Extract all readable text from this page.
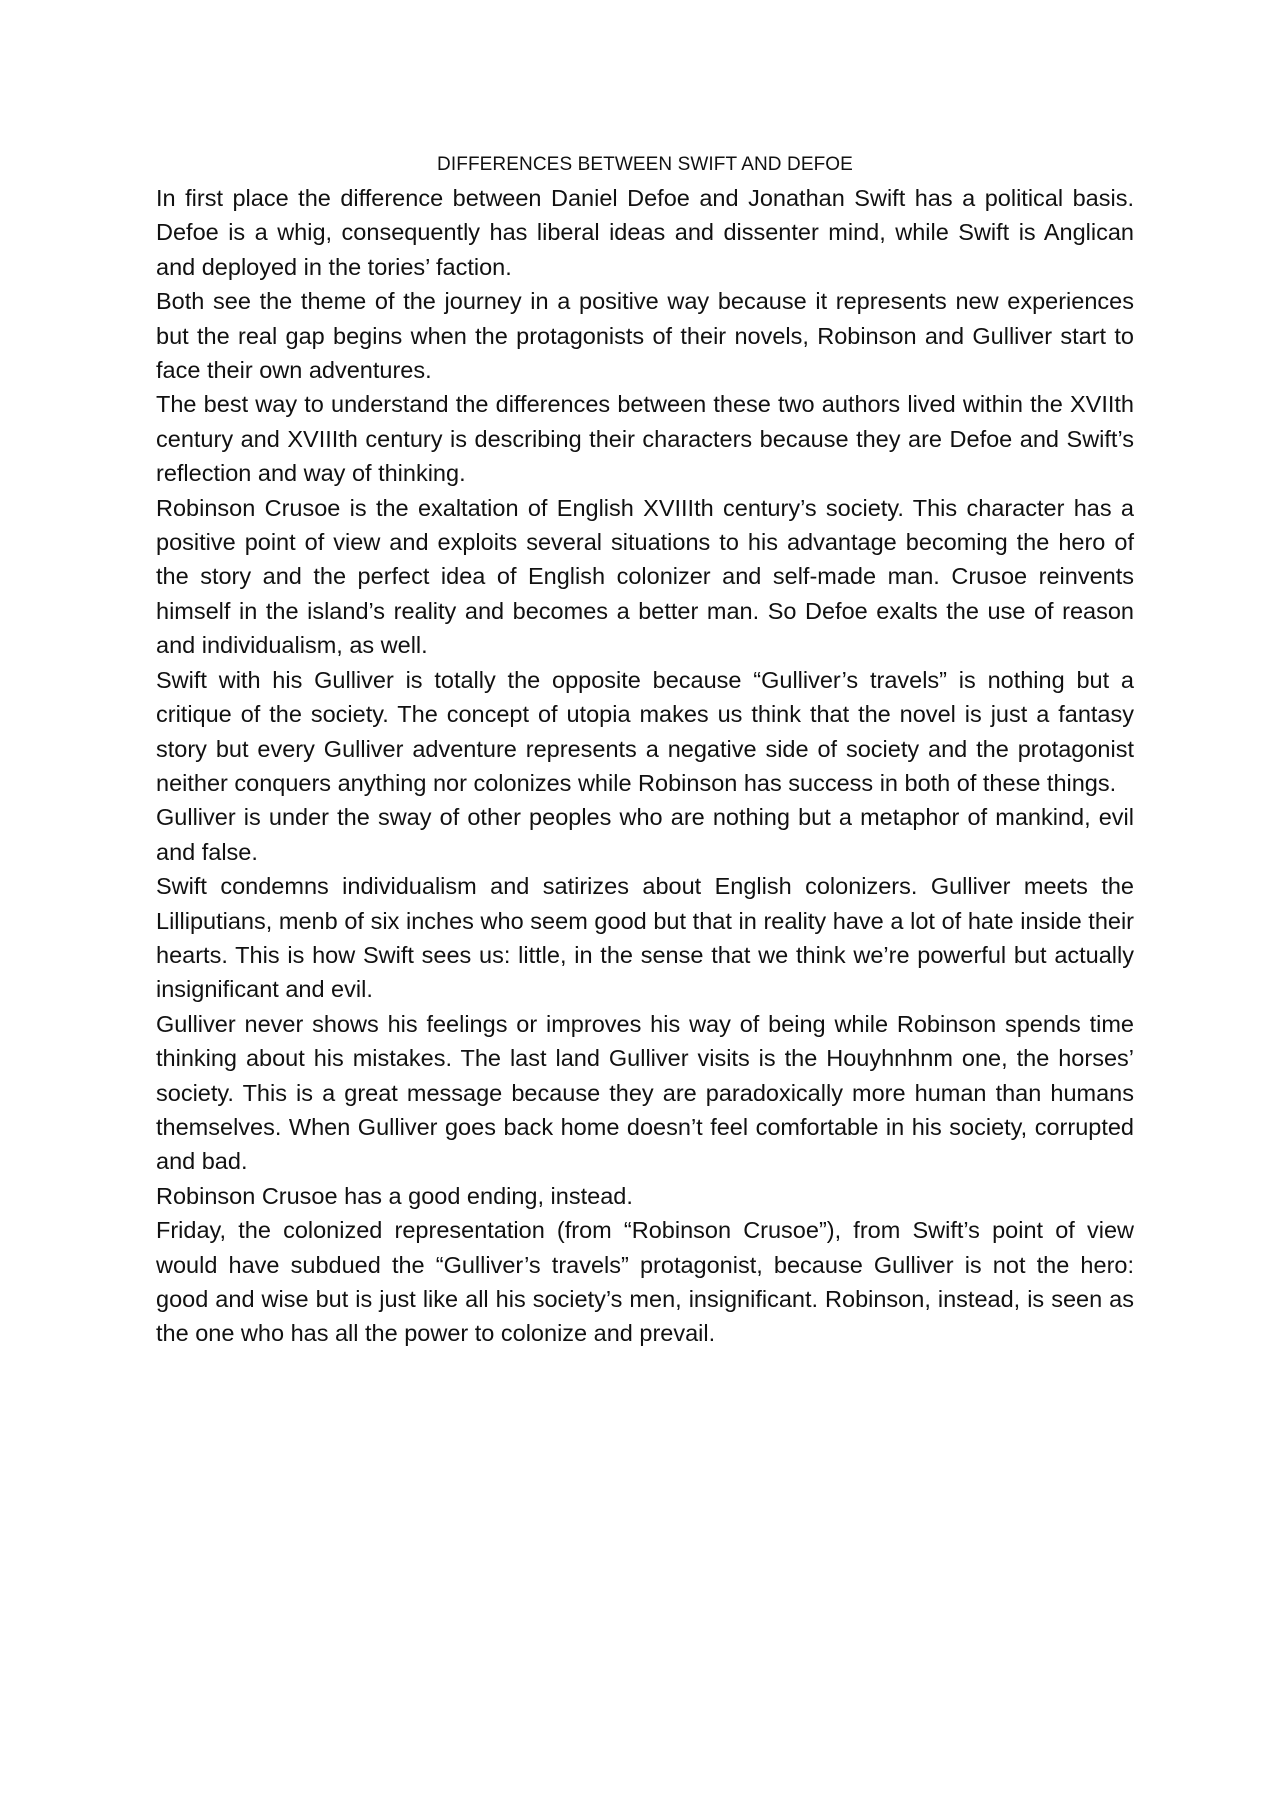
DIFFERENCES BETWEEN SWIFT AND DEFOE

In first place the difference between Daniel Defoe and Jonathan Swift has a political basis. Defoe is a whig, consequently has liberal ideas and dissenter mind, while Swift is Anglican and deployed in the tories’ faction.

Both see the theme of the journey in a positive way because it represents new experiences but the real gap begins when the protagonists of their novels, Robinson and Gulliver start to face their own adventures.

The best way to understand the differences between these two authors lived within the XVIIth century and XVIIIth century is describing their characters because they are Defoe and Swift’s reflection and way of thinking.

Robinson Crusoe is the exaltation of English XVIIIth century’s society. This character has a positive point of view and exploits several situations to his advantage becoming the hero of the story and the perfect idea of English colonizer and self-made man. Crusoe reinvents himself in the island’s reality and becomes a better man. So Defoe exalts the use of reason and individualism, as well.

Swift with his Gulliver is totally the opposite because “Gulliver’s travels” is nothing but a critique of the society. The concept of utopia makes us think that the novel is just a fantasy story but every Gulliver adventure represents a negative side of society and the protagonist neither conquers anything nor colonizes while Robinson has success in both of these things.

Gulliver is under the sway of other peoples who are nothing but a metaphor of mankind, evil and false.

Swift condemns individualism and satirizes about English colonizers. Gulliver meets the Lilliputians, menb of six inches who seem good but that in reality have a lot of hate inside their hearts. This is how Swift sees us: little, in the sense that we think we’re powerful but actually insignificant and evil.

Gulliver never shows his feelings or improves his way of being while Robinson spends time thinking about his mistakes. The last land Gulliver visits is the Houyhnhnm one, the horses’ society. This is a great message because they are paradoxically more human than humans themselves. When Gulliver goes back home doesn’t feel comfortable in his society, corrupted and bad.

Robinson Crusoe has a good ending, instead.

Friday, the colonized representation (from “Robinson Crusoe”), from Swift’s point of view would have subdued the “Gulliver’s travels” protagonist, because Gulliver is not the hero: good and wise but is just like all his society’s men, insignificant. Robinson, instead, is seen as the one who has all the power to colonize and prevail.
